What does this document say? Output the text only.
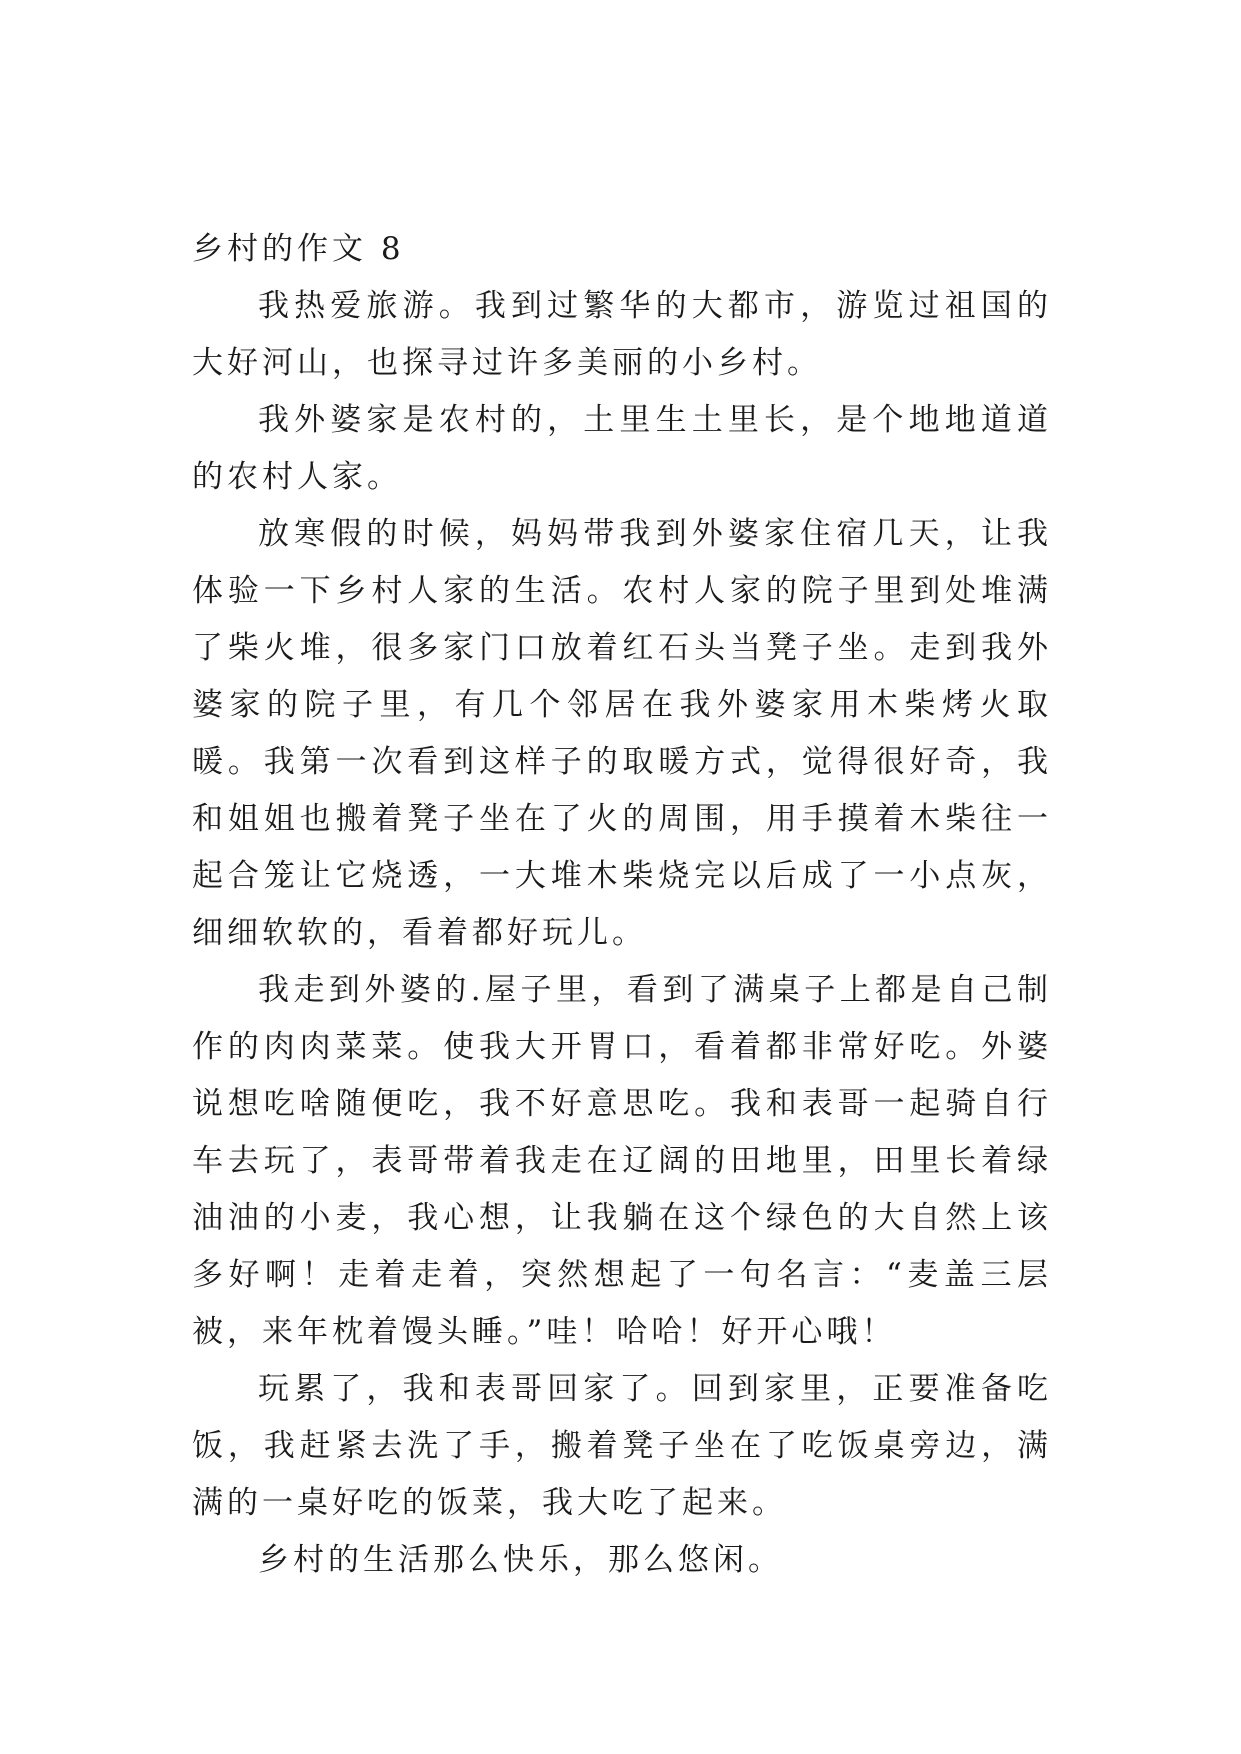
乡村的作文 8

我热爱旅游。我到过繁华的大都市，游览过祖国的大好河山，也探寻过许多美丽的小乡村。

我外婆家是农村的，土里生土里长，是个地地道道的农村人家。

放寒假的时候，妈妈带我到外婆家住宿几天，让我体验一下乡村人家的生活。农村人家的院子里到处堆满了柴火堆，很多家门口放着红石头当凳子坐。走到我外婆家的院子里，有几个邻居在我外婆家用木柴烤火取暖。我第一次看到这样子的取暖方式，觉得很好奇，我和姐姐也搬着凳子坐在了火的周围，用手摸着木柴往一起合笼让它烧透，一大堆木柴烧完以后成了一小点灰，细细软软的，看着都好玩儿。

我走到外婆的.屋子里，看到了满桌子上都是自己制作的肉肉菜菜。使我大开胃口，看着都非常好吃。外婆说想吃啥随便吃，我不好意思吃。我和表哥一起骑自行车去玩了，表哥带着我走在辽阔的田地里，田里长着绿油油的小麦，我心想，让我躺在这个绿色的大自然上该多好啊！走着走着，突然想起了一句名言：“麦盖三层被，来年枕着馒头睡。”哇！哈哈！好开心哦！

玩累了，我和表哥回家了。回到家里，正要准备吃饭，我赶紧去洗了手，搬着凳子坐在了吃饭桌旁边，满满的一桌好吃的饭菜，我大吃了起来。

乡村的生活那么快乐，那么悠闲。
